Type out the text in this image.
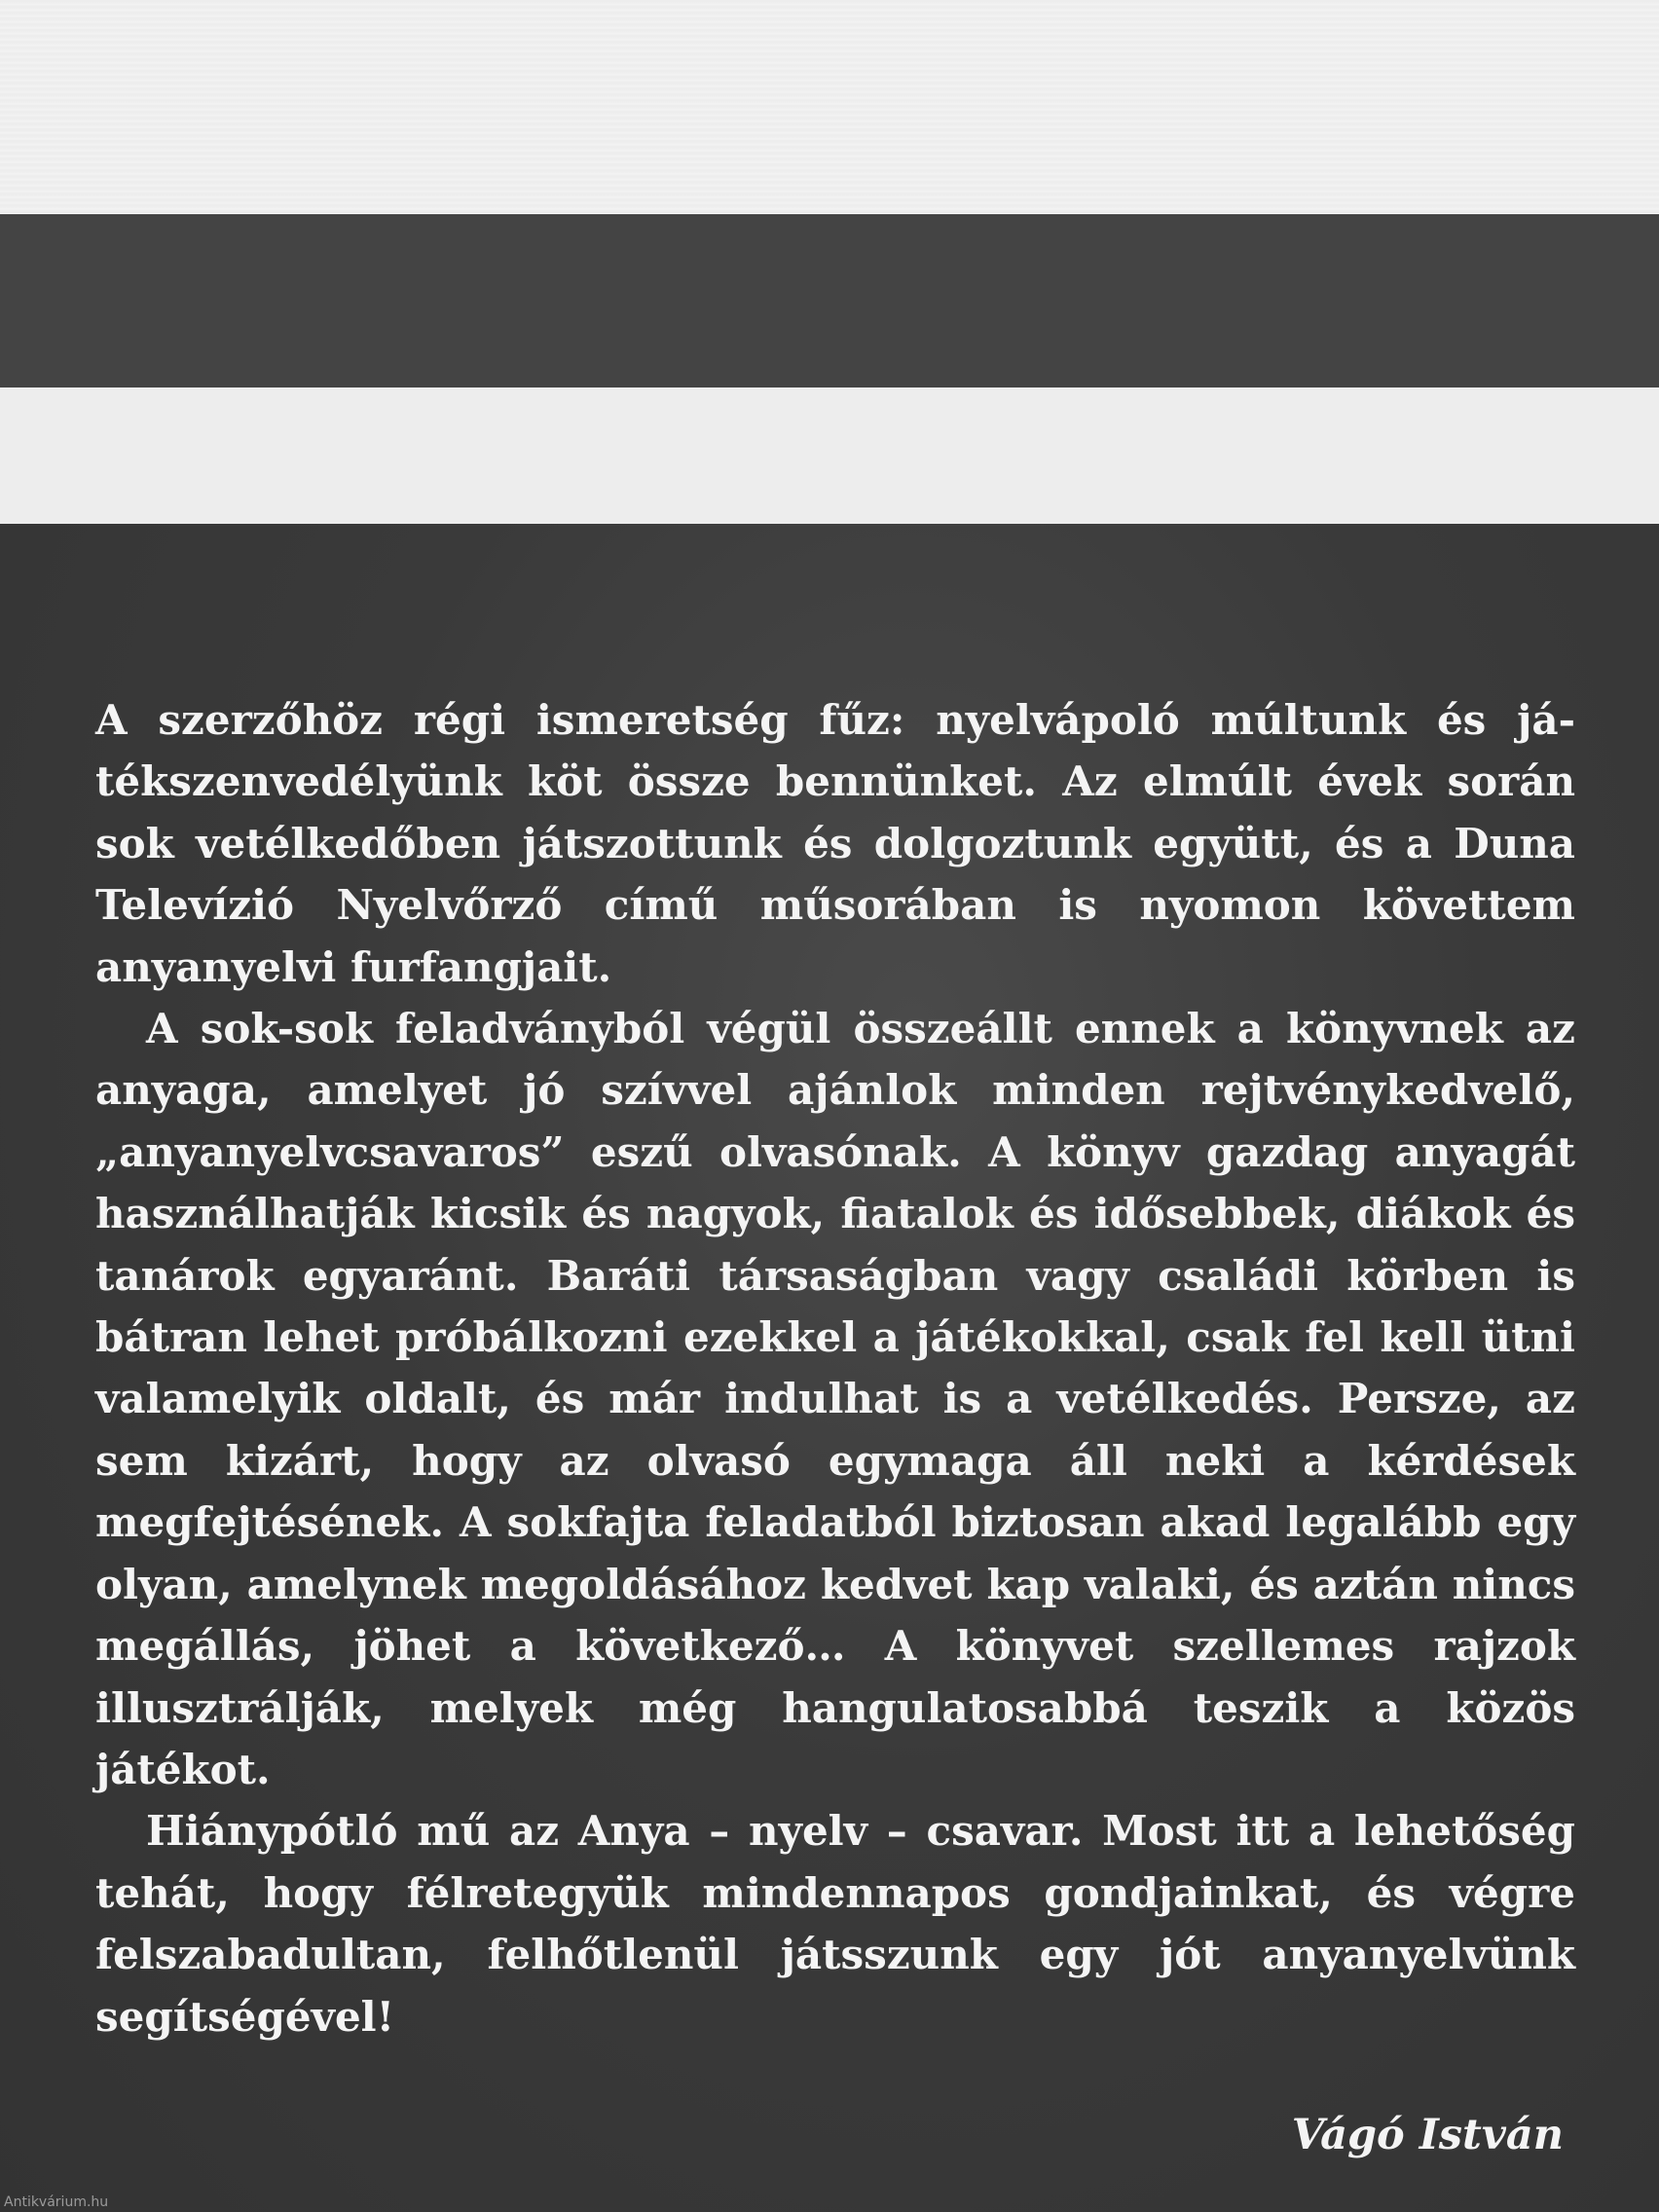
A szerzőhöz régi ismeretség fűz: nyelvápoló múltunk és játékszenvedélyünk köt össze bennünket. Az elmúlt évek során sok vetélkedőben játszottunk és dolgoztunk együtt, és a Duna Televízió Nyelvőrző című műsorában is nyomon követtem anyanyelvi furfangjait.

A sok-sok feladványból végül összeállt ennek a könyvnek az anyaga, amelyet jó szívvel ajánlok minden rejtvénykedvelő, „anyanyelvcsavaros” eszű olvasónak. A könyv gazdag anyagát használhatják kicsik és nagyok, fiatalok és idősebbek, diákok és tanárok egyaránt. Baráti társaságban vagy családi körben is bátran lehet próbálkozni ezekkel a játékokkal, csak fel kell ütni valamelyik oldalt, és már indulhat is a vetélkedés. Persze, az sem kizárt, hogy az olvasó egymaga áll neki a kérdések megfejtésének. A sokfajta feladatból biztosan akad legalább egy olyan, amelynek megoldásához kedvet kap valaki, és aztán nincs megállás, jöhet a következő… A könyvet szellemes rajzok illusztrálják, melyek még hangulatosabbá teszik a közös játékot.

Hiánypótló mű az Anya – nyelv – csavar. Most itt a lehetőség tehát, hogy félretegyük mindennapos gondjainkat, és végre felszabadultan, felhőtlenül játsszunk egy jót anyanyelvünk segítségével!

Vágó István
Antikvárium.hu
